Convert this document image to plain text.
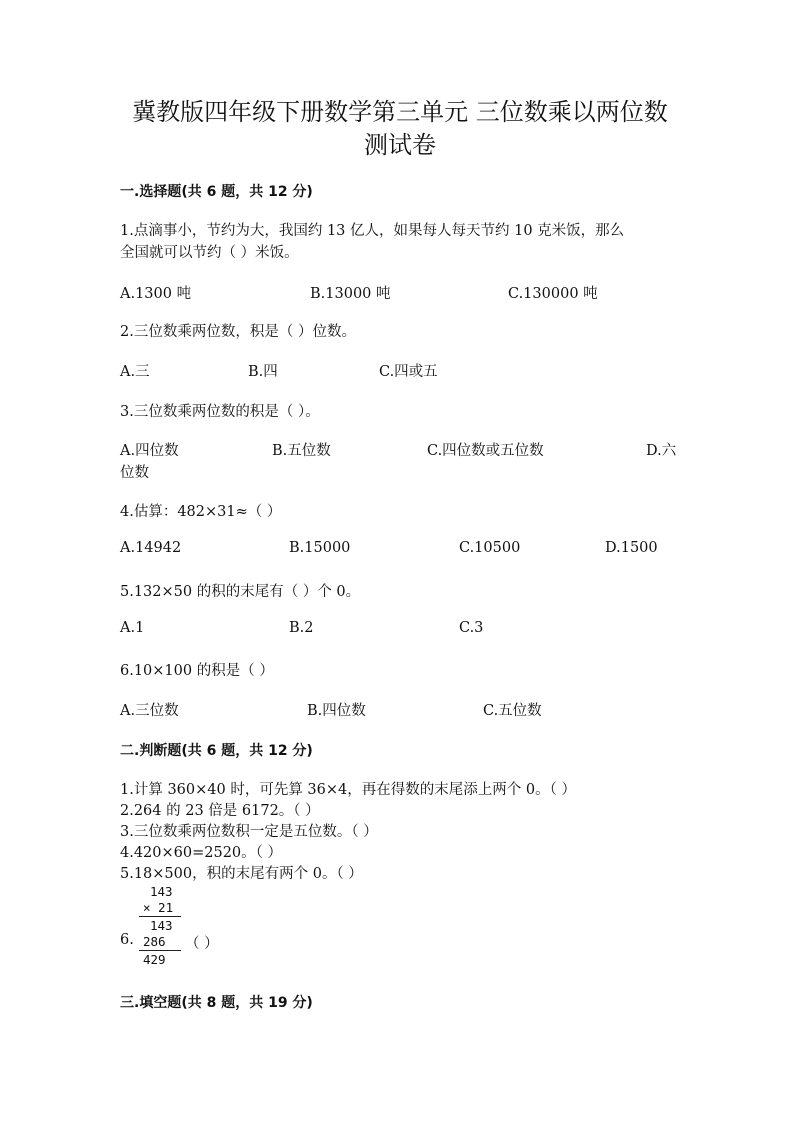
冀教版四年级下册数学第三单元 三位数乘以两位数
测试卷
一.选择题(共 6 题，共 12 分)
1.点滴事小，节约为大，我国约 13 亿人，如果每人每天节约 10 克米饭，那么
全国就可以节约（ ）米饭。
A.1300 吨	B.13000 吨	C.130000 吨
2.三位数乘两位数，积是（ ）位数。
A.三	B.四	C.四或五
3.三位数乘两位数的积是（ ）。
A.四位数	B.五位数	C.四位数或五位数	D.六
位数
4.估算：482×31≈（ ）
A.14942	B.15000	C.10500	D.1500
5.132×50 的积的末尾有（ ）个 0。
A.1	B.2	C.3
6.10×100 的积是（ ）
A.三位数	B.四位数	C.五位数
二.判断题(共 6 题，共 12 分)
1.计算 360×40 时，可先算 36×4，再在得数的末尾添上两个 0。（ ）
2.264 的 23 倍是 6172。（ ）
3.三位数乘两位数积一定是五位数。（ ）
4.420×60=2520。（ ）
5.18×500，积的末尾有两个 0。（ ）
143
× 21
143
286
429
6.	（ ）
三.填空题(共 8 题，共 19 分)
